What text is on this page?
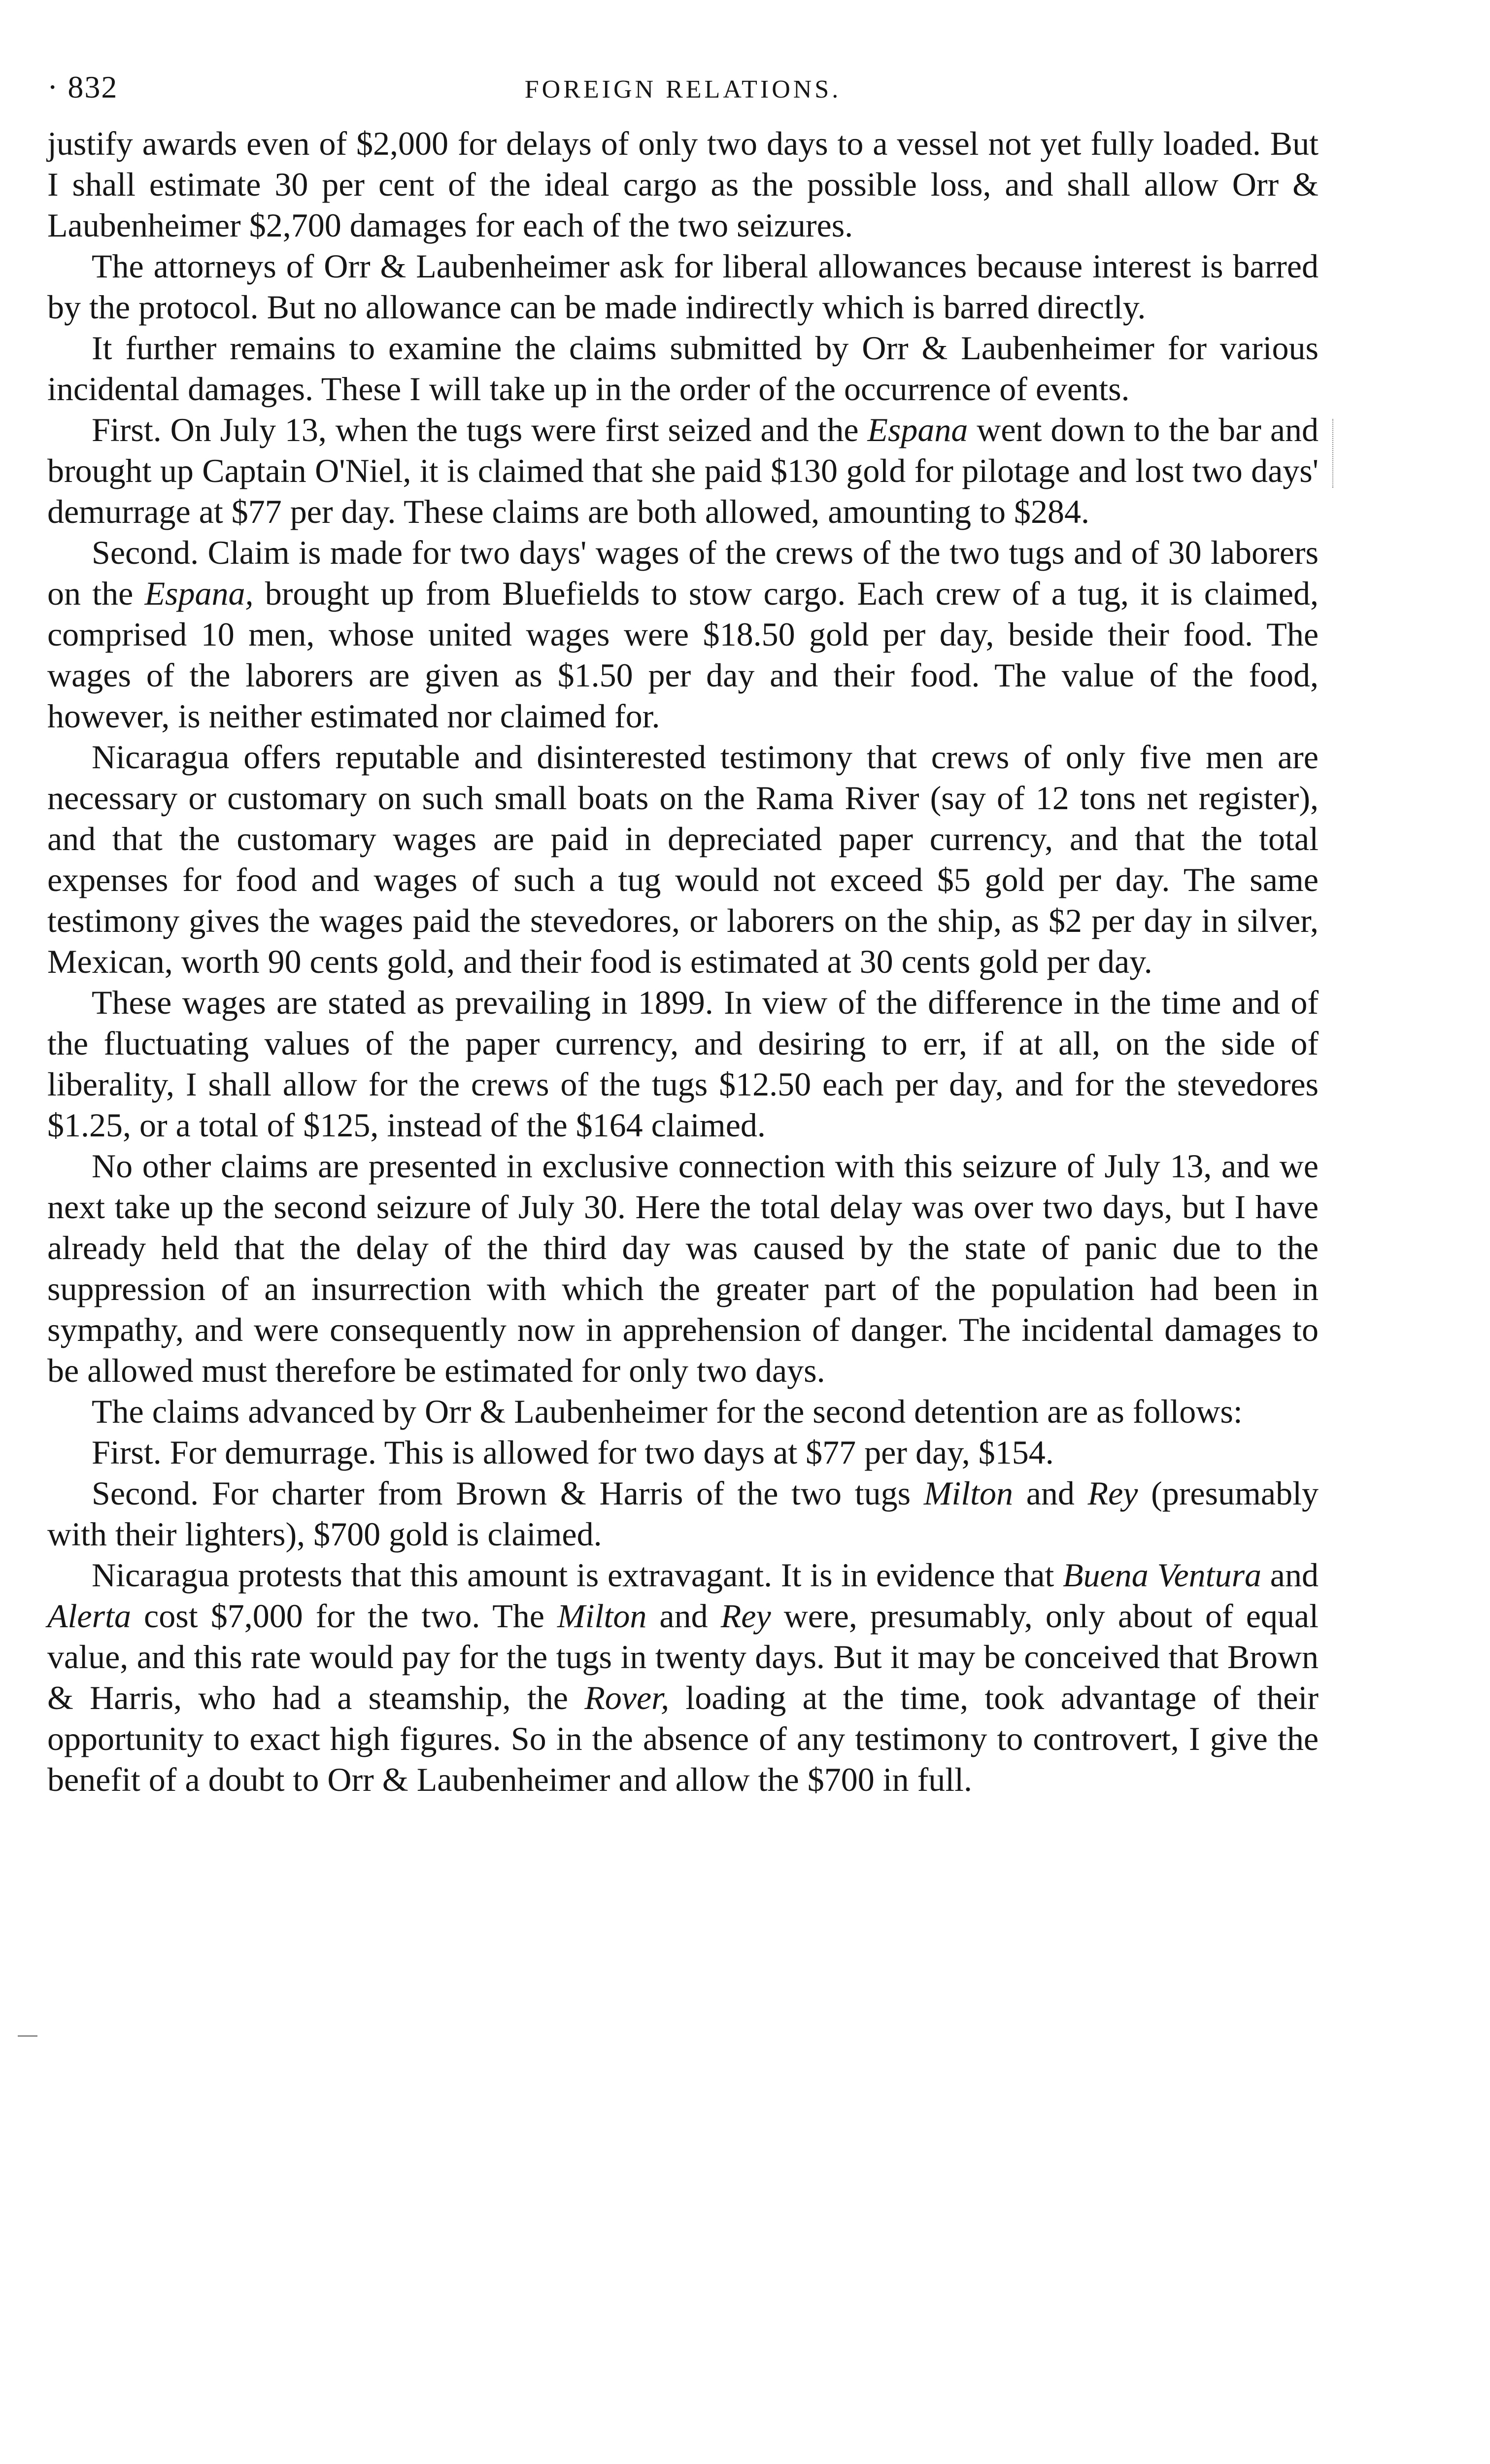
· 832	FOREIGN RELATIONS.

justify awards even of $2,000 for delays of only two days to a vessel not yet fully loaded. But I shall estimate 30 per cent of the ideal cargo as the possible loss, and shall allow Orr & Laubenheimer $2,700 damages for each of the two seizures.

The attorneys of Orr & Laubenheimer ask for liberal allowances because interest is barred by the protocol. But no allowance can be made indirectly which is barred directly.

It further remains to examine the claims submitted by Orr & Laubenheimer for various incidental damages. These I will take up in the order of the occurrence of events.

First. On July 13, when the tugs were first seized and the Espana went down to the bar and brought up Captain O'Niel, it is claimed that she paid $130 gold for pilotage and lost two days' demurrage at $77 per day. These claims are both allowed, amounting to $284.

Second. Claim is made for two days' wages of the crews of the two tugs and of 30 laborers on the Espana, brought up from Bluefields to stow cargo. Each crew of a tug, it is claimed, comprised 10 men, whose united wages were $18.50 gold per day, beside their food. The wages of the laborers are given as $1.50 per day and their food. The value of the food, however, is neither estimated nor claimed for.

Nicaragua offers reputable and disinterested testimony that crews of only five men are necessary or customary on such small boats on the Rama River (say of 12 tons net register), and that the customary wages are paid in depreciated paper currency, and that the total expenses for food and wages of such a tug would not exceed $5 gold per day. The same testimony gives the wages paid the stevedores, or laborers on the ship, as $2 per day in silver, Mexican, worth 90 cents gold, and their food is estimated at 30 cents gold per day.

These wages are stated as prevailing in 1899. In view of the difference in the time and of the fluctuating values of the paper currency, and desiring to err, if at all, on the side of liberality, I shall allow for the crews of the tugs $12.50 each per day, and for the stevedores $1.25, or a total of $125, instead of the $164 claimed.

No other claims are presented in exclusive connection with this seizure of July 13, and we next take up the second seizure of July 30. Here the total delay was over two days, but I have already held that the delay of the third day was caused by the state of panic due to the suppression of an insurrection with which the greater part of the population had been in sympathy, and were consequently now in apprehension of danger. The incidental damages to be allowed must therefore be estimated for only two days.

The claims advanced by Orr & Laubenheimer for the second detention are as follows:

First. For demurrage. This is allowed for two days at $77 per day, $154.

Second. For charter from Brown & Harris of the two tugs Milton and Rey (presumably with their lighters), $700 gold is claimed.

Nicaragua protests that this amount is extravagant. It is in evidence that Buena Ventura and Alerta cost $7,000 for the two. The Milton and Rey were, presumably, only about of equal value, and this rate would pay for the tugs in twenty days. But it may be conceived that Brown & Harris, who had a steamship, the Rover, loading at the time, took advantage of their opportunity to exact high figures. So in the absence of any testimony to controvert, I give the benefit of a doubt to Orr & Laubenheimer and allow the $700 in full.
